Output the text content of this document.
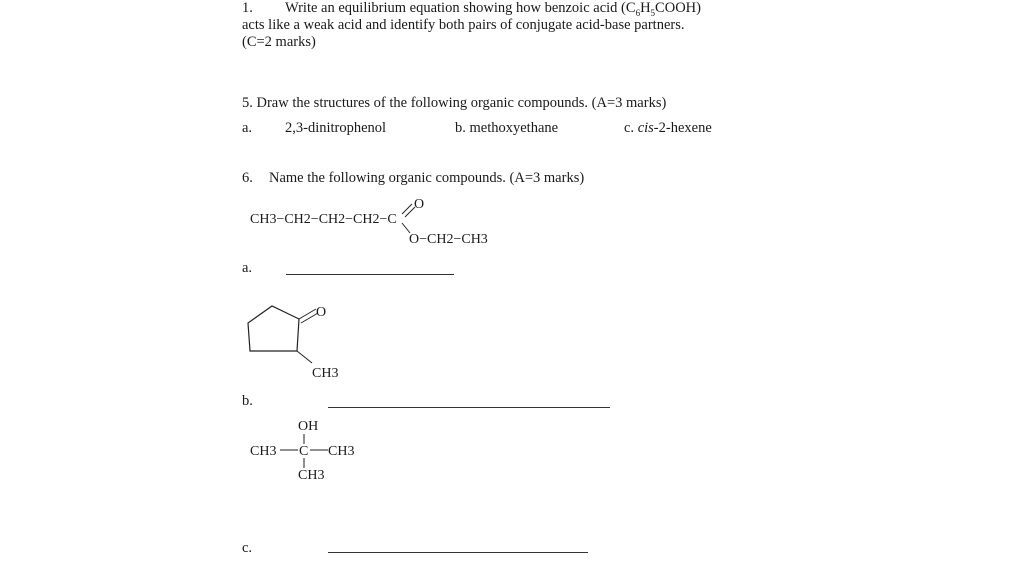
1. Write an equilibrium equation showing how benzoic acid $(C_6H_5COOH)$
acts like a weak acid and identify both pairs of conjugate acid-base partners.
(C=2 marks)
5. Draw the structures of the following organic compounds. (A=3 marks)
a. 2,3-dinitrophenol	b. methoxyethane	c. cis-2-hexene
6. Name the following organic compounds. (A=3 marks)
CH3−CH2−CH2−CH2−C
O
O−CH2−CH3
a.
O
CH3
b.
OH
CH3 C CH3
CH3
c.
